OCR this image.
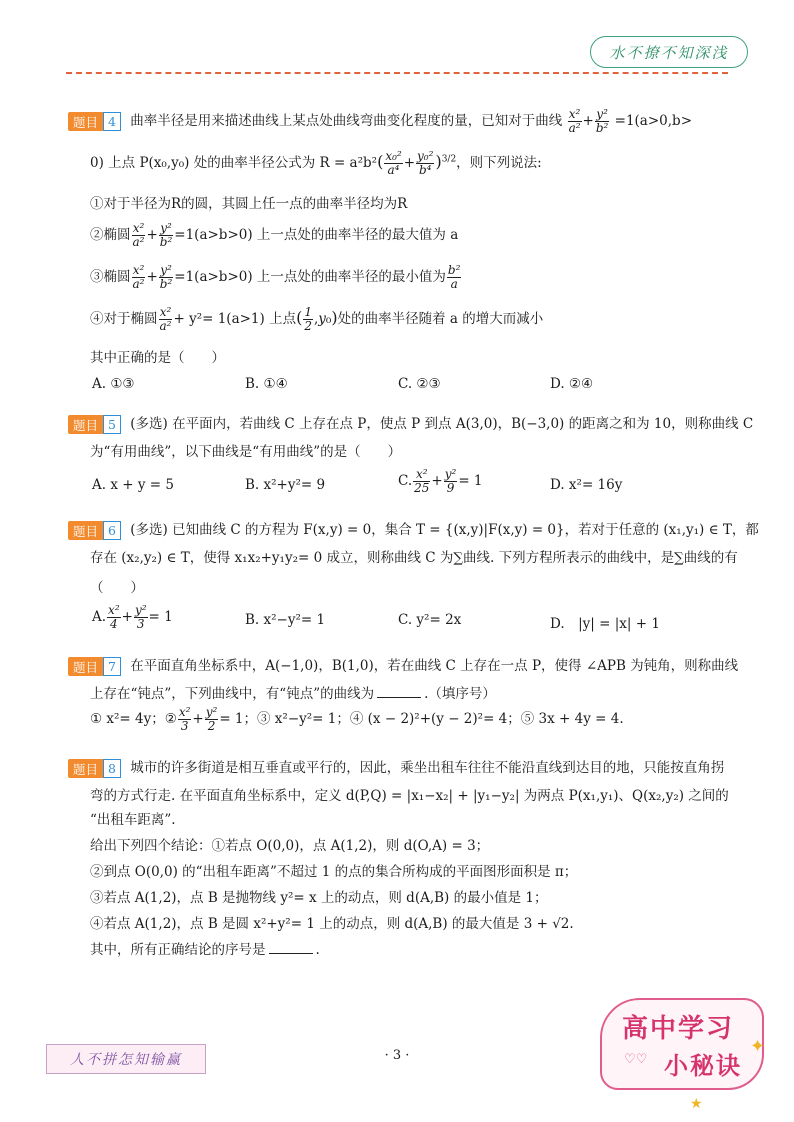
水不撩不知深浅
题目 4	曲率半径是用来描述曲线上某点处曲线弯曲变化程度的量，已知对于曲线 $\frac{\text{x²}}{\text{a²}} + \frac{\text{y²}}{\text{b²}} =1(a>0,b>$
0) 上点 P(x₀,y₀) 处的曲率半径公式为 $R = a^2b^2( \frac{\text{x₀²}}{\text{a⁴}} + \frac{\text{y₀²}}{\text{b⁴}} )^{3/2}$，则下列说法:
①对于半径为R的圆，其圆上任一点的曲率半径均为R
②椭圆 $\frac{\text{x²}}{\text{a²}} + \frac{\text{y²}}{\text{b²}} =1(a>b>0)$ 上一点处的曲率半径的最大值为 a
③椭圆 $\frac{\text{x²}}{\text{a²}} + \frac{\text{y²}}{\text{b²}} =1(a>b>0)$ 上一点处的曲率半径的最小值为 $\frac{\text{b²}}{a}$
④对于椭圆 $\frac{\text{x²}}{\text{a²}} + y^2= 1(a>1)$ 上点( $\frac{1}{2} ,y_0$)处的曲率半径随着 a 的增大而减小
其中正确的是（　　）
A. ①③	B. ①④	C. ②③	D. ②④
题目 5	(多选) 在平面内，若曲线 C 上存在点 P，使点 P 到点 A(3,0)，B(−3,0) 的距离之和为 10，则称曲线 C
为“有用曲线”，以下曲线是“有用曲线”的是（　　）
A. x + y = 5	B. x²+y²= 9	C. $\frac{\text{x²}}{25} + \frac{\text{y²}}{9} = 1$	D. x²= 16y
题目 6	(多选) 已知曲线 C 的方程为 F(x,y) = 0，集合 T = {(x,y)|F(x,y) = 0}，若对于任意的 (x₁,y₁) ∈ T，都
存在 (x₂,y₂) ∈ T，使得 x₁x₂+y₁y₂= 0 成立，则称曲线 C 为∑曲线. 下列方程所表示的曲线中，是∑曲线的有
（　　）
A. $\frac{\text{x²}}{4} + \frac{\text{y²}}{3} = 1$	B. x²−y²= 1	C. y²= 2x	D.　|y| = |x| + 1
题目 7	在平面直角坐标系中，A(−1,0)，B(1,0)，若在曲线 C 上存在一点 P，使得 ∠APB 为钝角，则称曲线
上存在“钝点”，下列曲线中，有“钝点”的曲线为	.（填序号）
① x²= 4y；② $\frac{\text{x²}}{3} + \frac{\text{y²}}{2} = 1$；③ x²−y²= 1；④ (x − 2)²+(y − 2)²= 4；⑤ 3x + 4y = 4.
题目 8	城市的许多街道是相互垂直或平行的，因此，乘坐出租车往往不能沿直线到达目的地，只能按直角拐
弯的方式行走. 在平面直角坐标系中，定义 d(P,Q) = |x₁−x₂| + |y₁−y₂| 为两点 P(x₁,y₁)、Q(x₂,y₂) 之间的
“出租车距离”.
给出下列四个结论：①若点 O(0,0)，点 A(1,2)，则 d(O,A) = 3；
②到点 O(0,0) 的“出租车距离”不超过 1 的点的集合所构成的平面图形面积是 π；
③若点 A(1,2)，点 B 是抛物线 y²= x 上的动点，则 d(A,B) 的最小值是 1；
④若点 A(1,2)，点 B 是圆 x²+y²= 1 上的动点，则 d(A,B) 的最大值是 3 + √2.
其中，所有正确结论的序号是	.
人不拼怎知输赢	· 3 ·
高中学习
小秘诀
✦
★
♡♡
